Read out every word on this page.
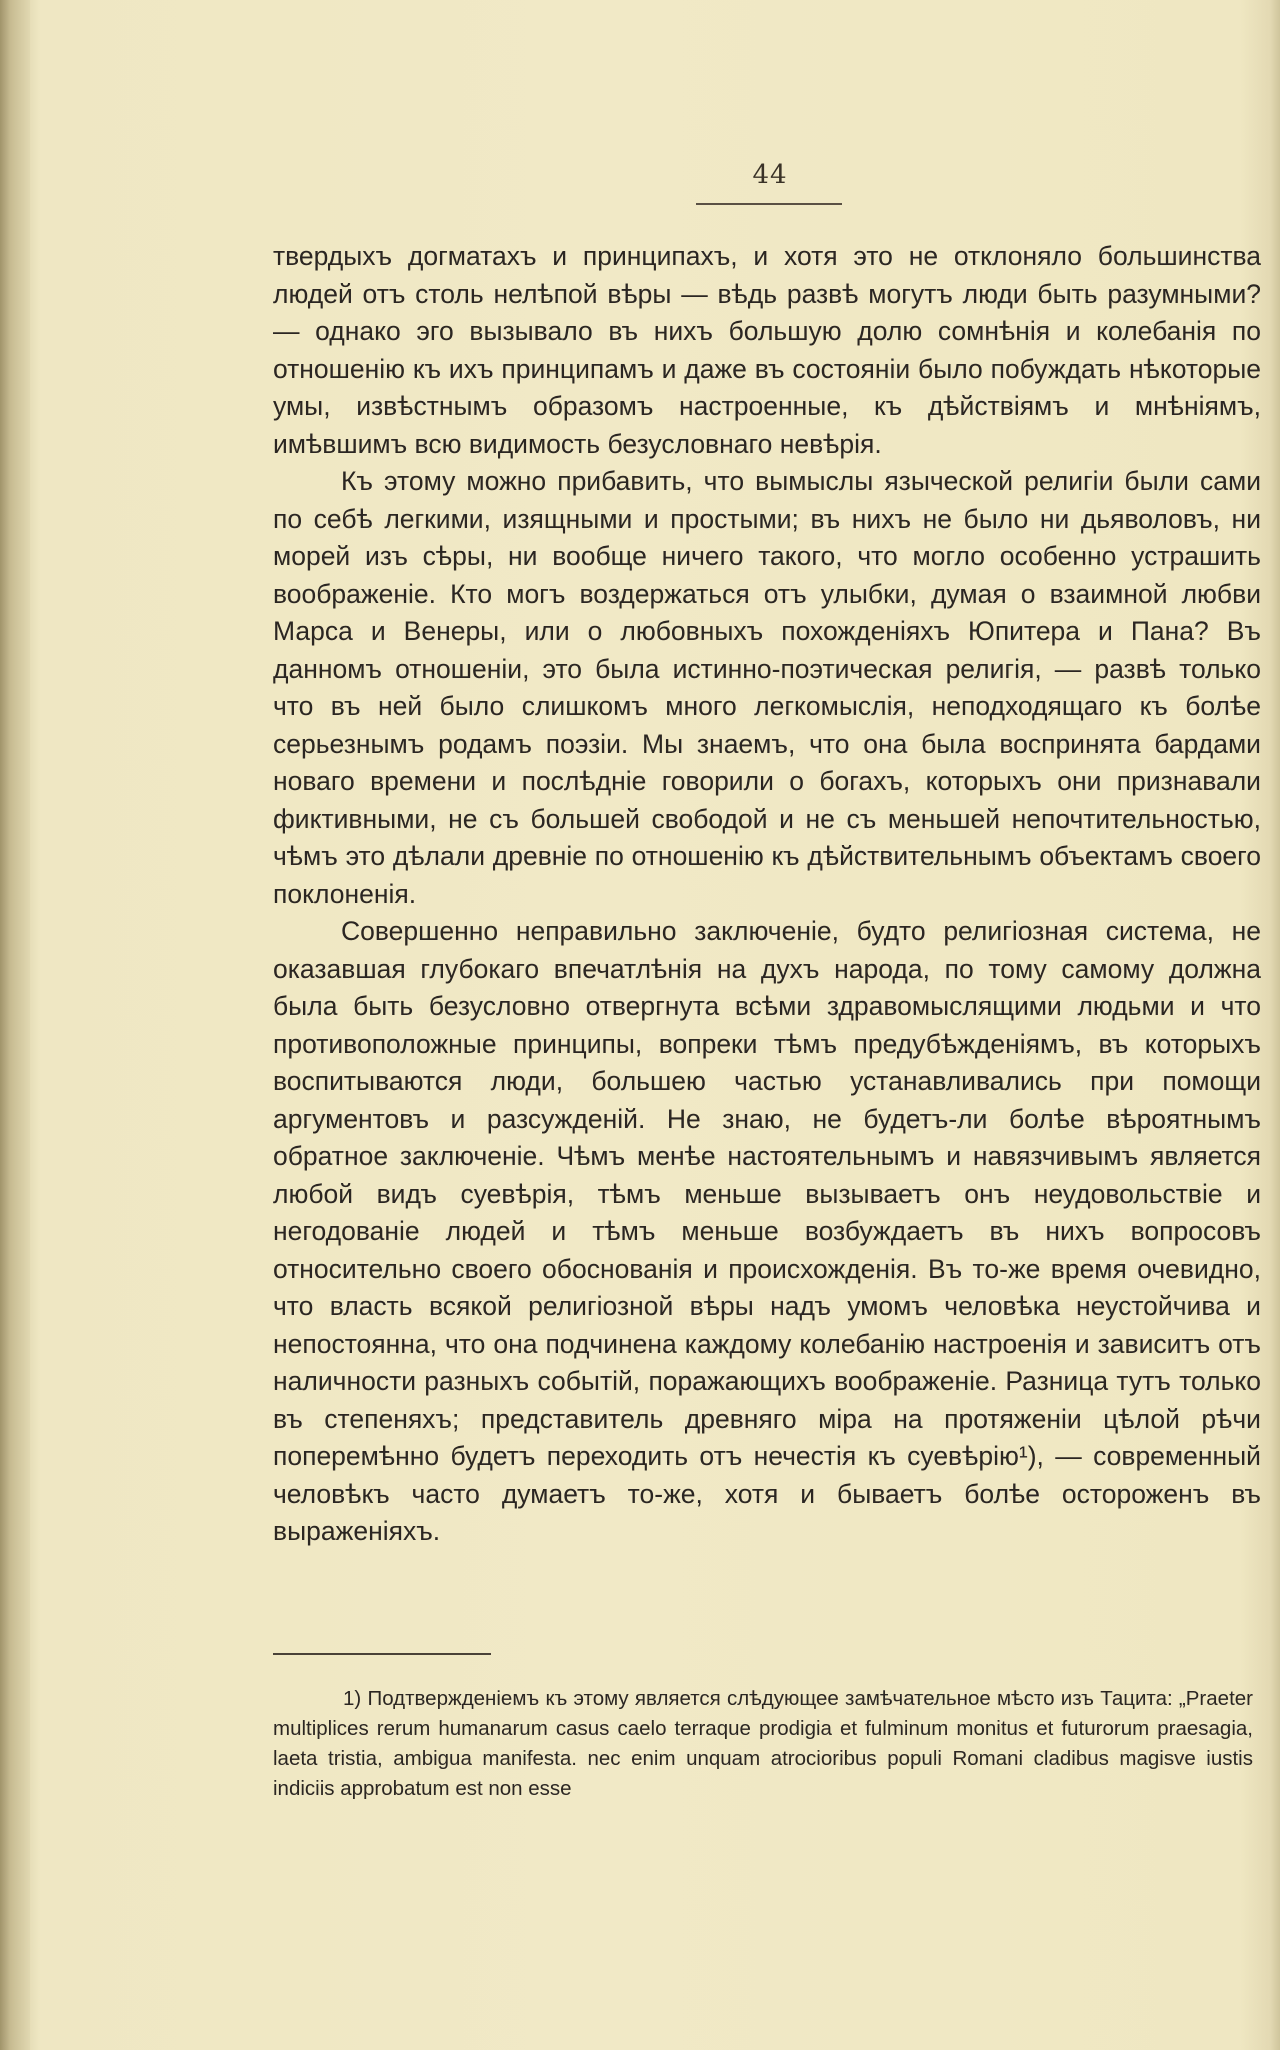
44

твердыхъ догматахъ и принципахъ, и хотя это не отклоняло большинства людей отъ столь нелѣпой вѣры — вѣдь развѣ могутъ люди быть разумными? — однако эго вызывало въ нихъ большую долю сомнѣнія и колебанія по отношенію къ ихъ принципамъ и даже въ состояніи было побуждать нѣкоторые умы, извѣстнымъ образомъ настроенные, къ дѣйствіямъ и мнѣніямъ, имѣвшимъ всю видимость безусловнаго невѣрія.

Къ этому можно прибавить, что вымыслы языческой религіи были сами по себѣ легкими, изящными и простыми; въ нихъ не было ни дьяволовъ, ни морей изъ сѣры, ни вообще ничего такого, что могло особенно устрашить воображеніе. Кто могъ воздержаться отъ улыбки, думая о взаимной любви Марса и Венеры, или о любовныхъ похожденіяхъ Юпитера и Пана? Въ данномъ отношеніи, это была истинно-поэтическая религія, — развѣ только что въ ней было слишкомъ много легкомыслія, неподходящаго къ болѣе серьезнымъ родамъ поэзіи. Мы знаемъ, что она была воспринята бардами новаго времени и послѣдніе говорили о богахъ, которыхъ они признавали фиктивными, не съ большей свободой и не съ меньшей непочтительностью, чѣмъ это дѣлали древніе по отношенію къ дѣйствительнымъ объектамъ своего поклоненія.

Совершенно неправильно заключеніе, будто религіозная система, не оказавшая глубокаго впечатлѣнія на духъ народа, по тому самому должна была быть безусловно отвергнута всѣми здравомыслящими людьми и что противоположные принципы, вопреки тѣмъ предубѣжденіямъ, въ которыхъ воспитываются люди, большею частью устанавливались при помощи аргументовъ и разсужденій. Не знаю, не будетъ-ли болѣе вѣроятнымъ обратное заключеніе. Чѣмъ менѣе настоятельнымъ и навязчивымъ является любой видъ суевѣрія, тѣмъ меньше вызываетъ онъ неудовольствіе и негодованіе людей и тѣмъ меньше возбуждаетъ въ нихъ вопросовъ относительно своего обоснованія и происхожденія. Въ то-же время очевидно, что власть всякой религіозной вѣры надъ умомъ человѣка неустойчива и непостоянна, что она подчинена каждому колебанію настроенія и зависитъ отъ наличности разныхъ событій, поражающихъ воображеніе. Разница тутъ только въ степеняхъ; представитель древняго міра на протяженіи цѣлой рѣчи поперемѣнно будетъ переходить отъ нечестія къ суевѣрію¹), — современный человѣкъ часто думаетъ то-же, хотя и бываетъ болѣе остороженъ въ выраженіяхъ.

1) Подтвержденіемъ къ этому является слѣдующее замѣчательное мѣсто изъ Тацита: „Praeter multiplices rerum humanarum casus caelo terraque prodigia et fulminum monitus et futurorum praesagia, laeta tristia, ambigua manifesta. nec enim unquam atrocioribus populi Romani cladibus magisve iustis indiciis approbatum est non esse
